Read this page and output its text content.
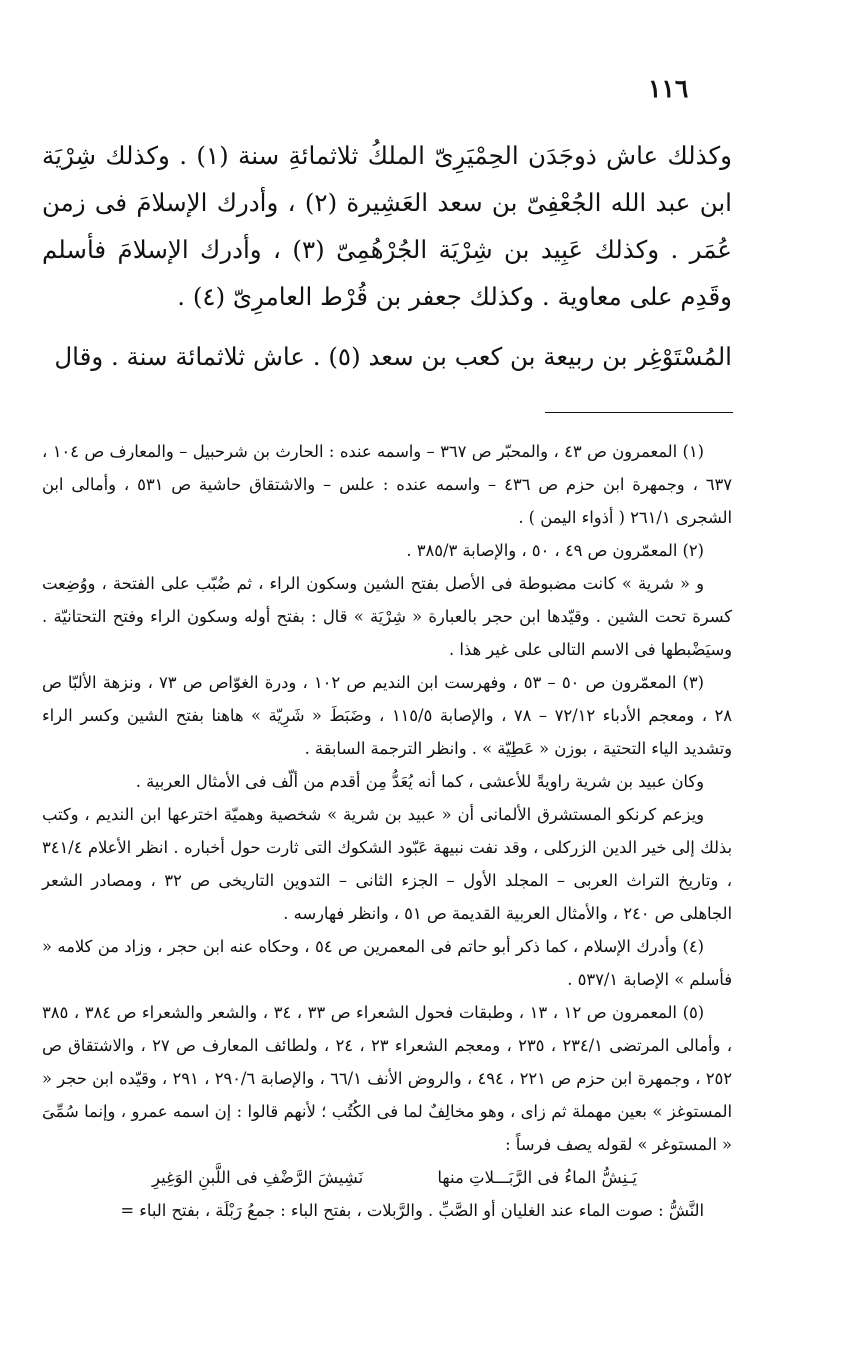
١١٦

وكذلك عاش ذوجَدَن الحِمْيَرِىّ الملكُ ثلاثمائةِ سنة (١) . وكذلك شِرْيَة ابن عبد الله الجُعْفِىّ بن سعد العَشِيرة (٢) ، وأدرك الإسلامَ فى زمن عُمَر . وكذلك عَبِيد بن شِرْيَة الجُرْهُمِىّ (٣) ، وأدرك الإسلامَ فأسلم وقَدِم على معاوية . وكذلك جعفر بن قُرْط العامرِىّ (٤) .

المُسْتَوْغِر بن ربيعة بن كعب بن سعد (٥) . عاش ثلاثمائة سنة . وقال

(١) المعمرون ص ٤٣ ، والمحبّر ص ٣٦٧ – واسمه عنده : الحارث بن شرحبيل – والمعارف ص ١٠٤ ، ٦٣٧ ، وجمهرة ابن حزم ص ٤٣٦ – واسمه عنده : علس – والاشتقاق حاشية ص ٥٣١ ، وأمالى ابن الشجرى ٢٦١/١ ( أذواء اليمن ) .

(٢) المعمّرون ص ٤٩ ، ٥٠ ، والإصابة ٣٨٥/٣ .

و « شرية » كانت مضبوطة فى الأصل بفتح الشين وسكون الراء ، ثم ضُبّب على الفتحة ، ووُضِعت كسرة تحت الشين . وقيّدها ابن حجر بالعبارة « شِرْيَة » قال : بفتح أوله وسكون الراء وفتح التحتانيّة . وسيَضْبطها فى الاسم التالى على غير هذا .

(٣) المعمّرون ص ٥٠ – ٥٣ ، وفهرست ابن النديم ص ١٠٢ ، ودرة الغوّاص ص ٧٣ ، ونزهة الألبّا ص ٢٨ ، ومعجم الأدباء ٧٢/١٢ – ٧٨ ، والإصابة ١١٥/٥ ، وضَبَطَ « شَرِيّة » هاهنا بفتح الشين وكسر الراء وتشديد الياء التحتية ، بوزن « عَطِيّة » . وانظر الترجمة السابقة .

وكان عبيد بن شرية راويةً للأعشى ، كما أنه يُعَدُّ مِن أقدم من ألّف فى الأمثال العربية .

ويزعم كرنكو المستشرق الألمانى أن « عبيد بن شرية » شخصية وهميّة اخترعها ابن النديم ، وكتب بذلك إلى خير الدين الزركلى ، وقد نفت نبيهة عَبّود الشكوك التى ثارت حول أخباره . انظر الأعلام ٣٤١/٤ ، وتاريخ التراث العربى – المجلد الأول – الجزء الثانى – التدوين التاريخى ص ٣٢ ، ومصادر الشعر الجاهلى ص ٢٤٠ ، والأمثال العربية القديمة ص ٥١ ، وانظر فهارسه .

(٤) وأدرك الإسلام ، كما ذكر أبو حاتم فى المعمرين ص ٥٤ ، وحكاه عنه ابن حجر ، وزاد من كلامه « فأسلم » الإصابة ٥٣٧/١ .

(٥) المعمرون ص ١٢ ، ١٣ ، وطبقات فحول الشعراء ص ٣٣ ، ٣٤ ، والشعر والشعراء ص ٣٨٤ ، ٣٨٥ ، وأمالى المرتضى ٢٣٤/١ ، ٢٣٥ ، ومعجم الشعراء ٢٣ ، ٢٤ ، ولطائف المعارف ص ٢٧ ، والاشتقاق ص ٢٥٢ ، وجمهرة ابن حزم ص ٢٢١ ، ٤٩٤ ، والروض الأنف ٦٦/١ ، والإصابة ٢٩٠/٦ ، ٢٩١ ، وقيّده ابن حجر « المستوغز » بعين مهملة ثم زاى ، وهو مخالِفٌ لما فى الكُتُب ؛ لأنهم قالوا : إن اسمه عمرو ، وإنما سُمِّىَ « المستوغر » لقوله يصف فرساً :

يَـنِشُّ الماءُ فى الرَّبَـــلاتِ منها
نَشِيشَ الرَّضْفِ فى اللَّبنِ الوَغِيرِ

النَّشُّ : صوت الماء عند الغليان أو الصَّبِّ . والرَّبلات ، بفتح الباء : جمعُ رَبْلَة ، بفتح الباء =
